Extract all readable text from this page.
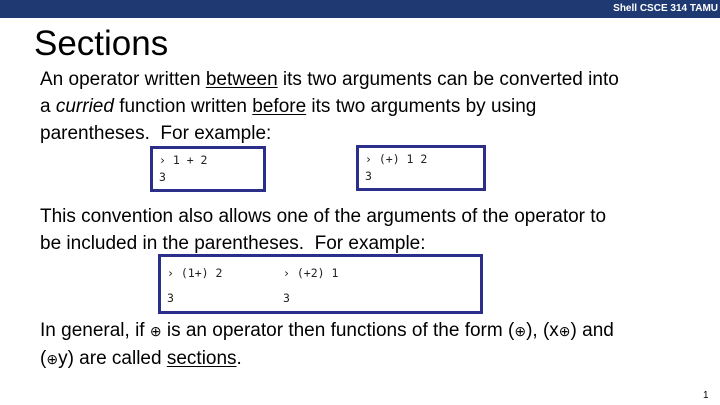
Shell CSCE 314 TAMU
Sections
An operator written between its two arguments can be converted into
a curried function written before its two arguments by using
parentheses.  For example:
› 1 + 2
3
› (+) 1 2
3
This convention also allows one of the arguments of the operator to
be included in the parentheses.  For example:
› (1+) 2
3
› (+2) 1
3
In general, if ⊕ is an operator then functions of the form (⊕), (x⊕) and
(⊕y) are called sections.
1
